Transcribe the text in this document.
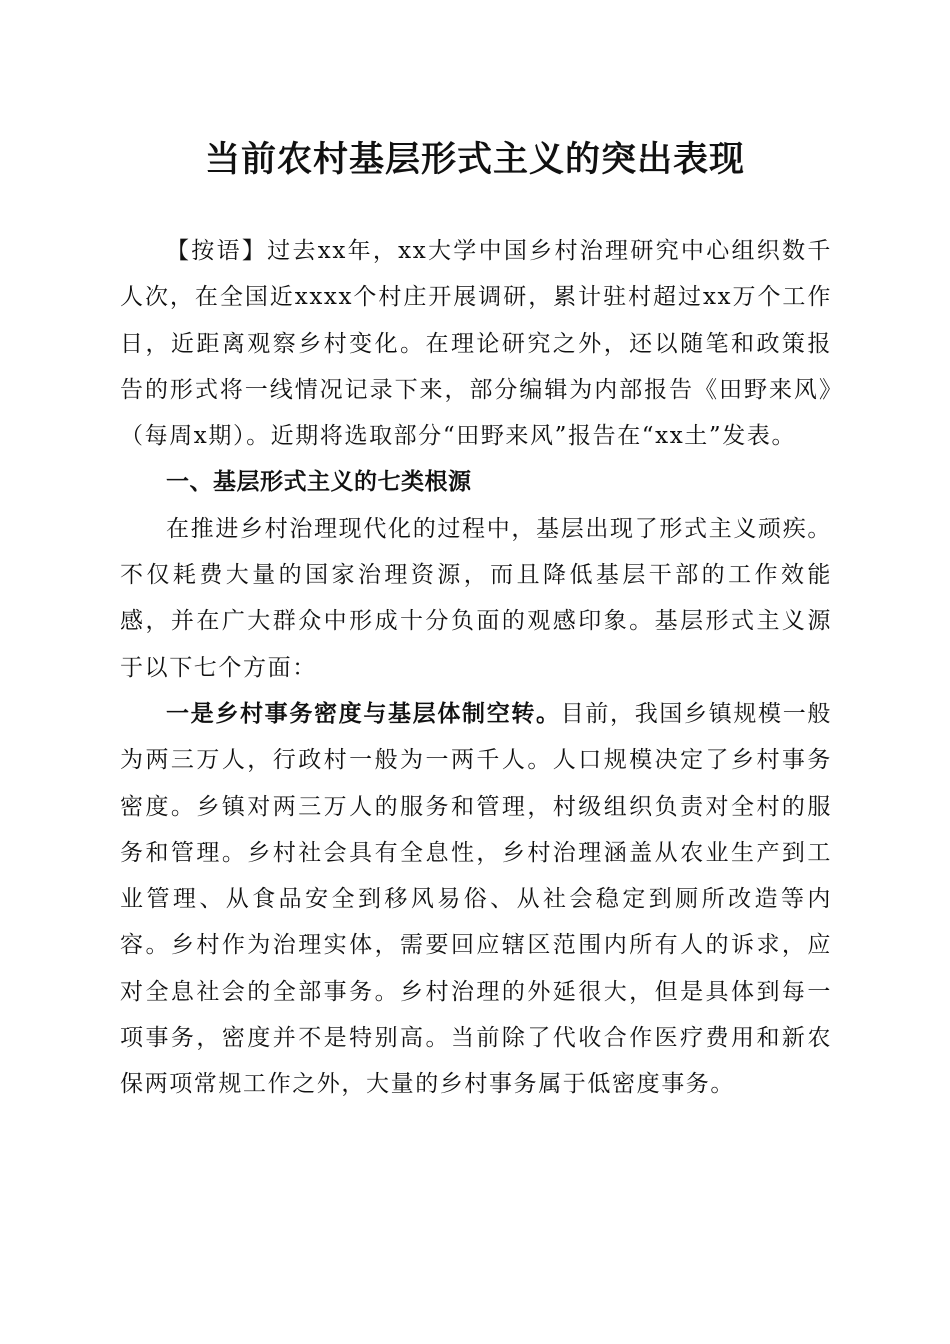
当前农村基层形式主义的突出表现

【按语】过去xx年，xx大学中国乡村治理研究中心组织数千人次，在全国近xxxx个村庄开展调研，累计驻村超过xx万个工作日，近距离观察乡村变化。在理论研究之外，还以随笔和政策报告的形式将一线情况记录下来，部分编辑为内部报告《田野来风》（每周x期）。近期将选取部分“田野来风”报告在“xx土”发表。

一、基层形式主义的七类根源

在推进乡村治理现代化的过程中，基层出现了形式主义顽疾。不仅耗费大量的国家治理资源，而且降低基层干部的工作效能感，并在广大群众中形成十分负面的观感印象。基层形式主义源于以下七个方面：

一是乡村事务密度与基层体制空转。目前，我国乡镇规模一般为两三万人，行政村一般为一两千人。人口规模决定了乡村事务密度。乡镇对两三万人的服务和管理，村级组织负责对全村的服务和管理。乡村社会具有全息性，乡村治理涵盖从农业生产到工业管理、从食品安全到移风易俗、从社会稳定到厕所改造等内容。乡村作为治理实体，需要回应辖区范围内所有人的诉求，应对全息社会的全部事务。乡村治理的外延很大，但是具体到每一项事务，密度并不是特别高。当前除了代收合作医疗费用和新农保两项常规工作之外，大量的乡村事务属于低密度事务。
